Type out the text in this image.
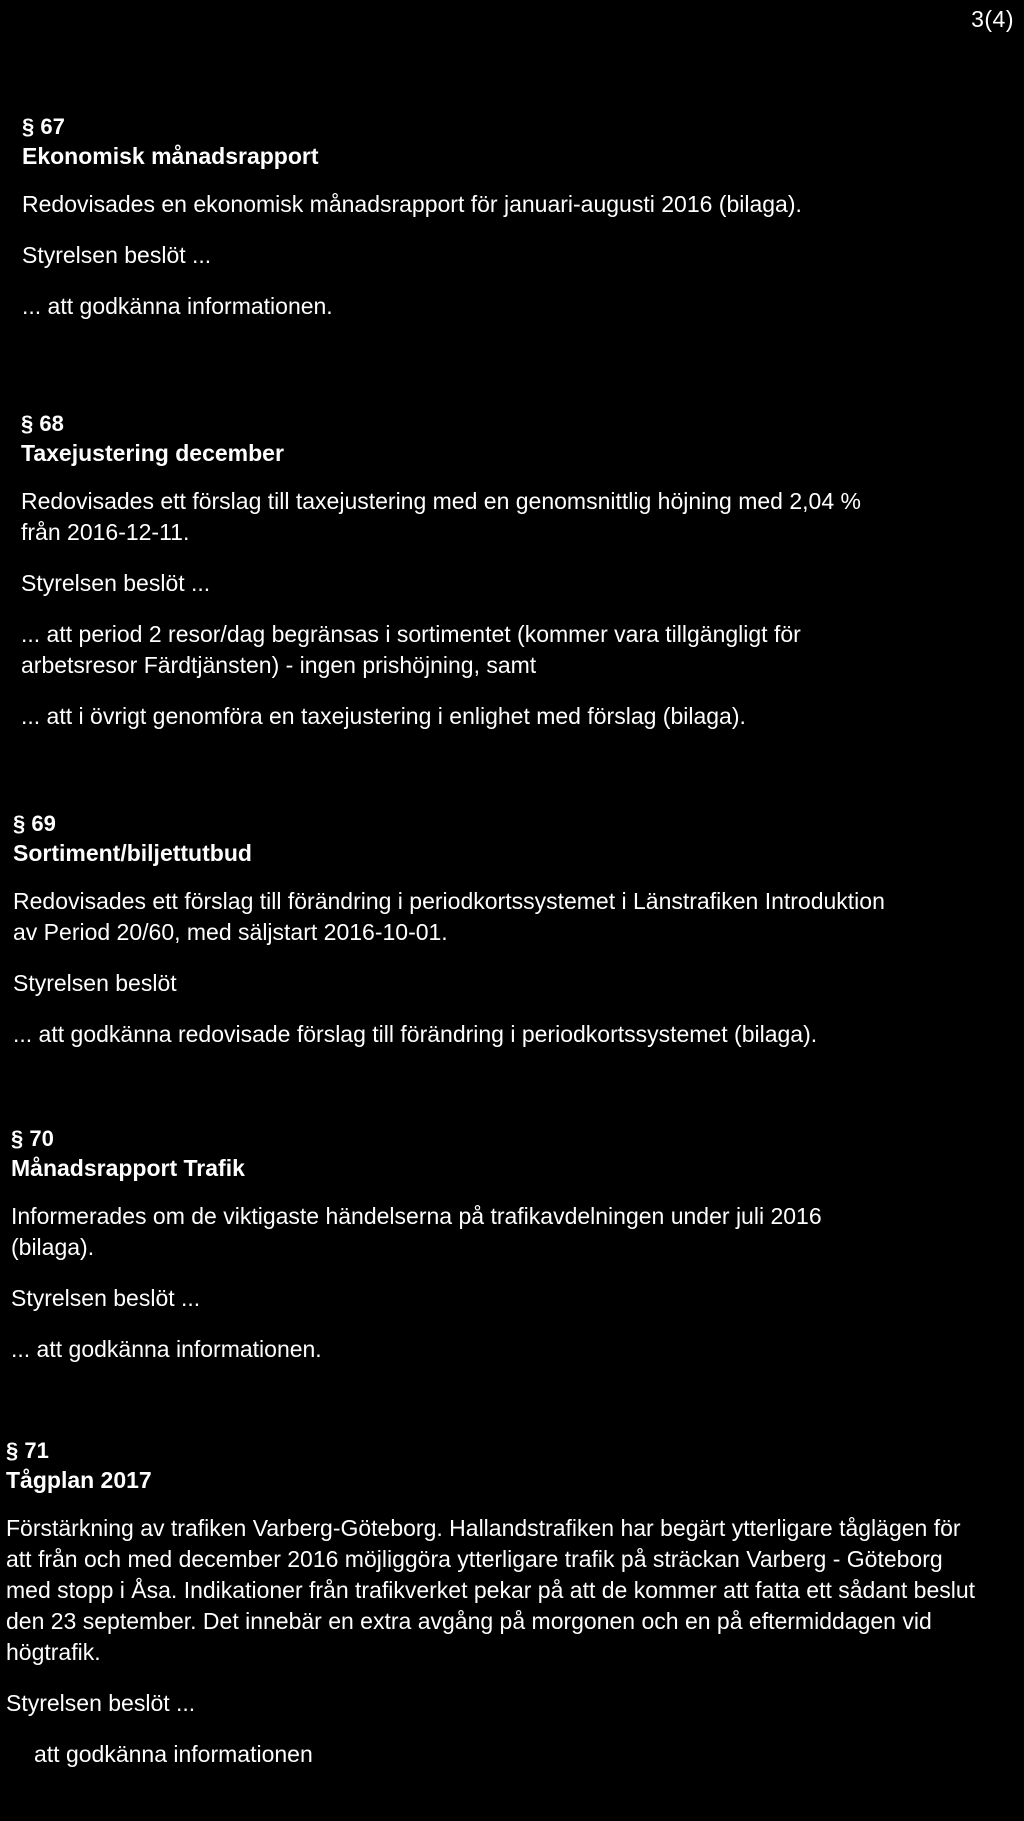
3(4)

§ 67

Ekonomisk månadsrapport

Redovisades en ekonomisk månadsrapport för januari-augusti 2016 (bilaga).

Styrelsen beslöt ...

... att godkänna informationen.

§ 68

Taxejustering december

Redovisades ett förslag till taxejustering med en genomsnittlig höjning med 2,04 % från 2016-12-11.

Styrelsen beslöt ...

... att period 2 resor/dag begränsas i sortimentet (kommer vara tillgängligt för arbetsresor Färdtjänsten) - ingen prishöjning, samt

... att i övrigt genomföra en taxejustering i enlighet med förslag (bilaga).

§ 69

Sortiment/biljettutbud

Redovisades ett förslag till förändring i periodkortssystemet i Länstrafiken Introduktion av Period 20/60, med säljstart 2016-10-01.

Styrelsen beslöt

... att godkänna redovisade förslag till förändring i periodkortssystemet (bilaga).

§ 70

Månadsrapport Trafik

Informerades om de viktigaste händelserna på trafikavdelningen under juli 2016 (bilaga).

Styrelsen beslöt ...

... att godkänna informationen.

§ 71

Tågplan 2017

Förstärkning av trafiken Varberg-Göteborg. Hallandstrafiken har begärt ytterligare tåglägen för att från och med december 2016 möjliggöra ytterligare trafik på sträckan Varberg - Göteborg med stopp i Åsa. Indikationer från trafikverket pekar på att de kommer att fatta ett sådant beslut den 23 september. Det innebär en extra avgång på morgonen och en på eftermiddagen vid högtrafik.

Styrelsen beslöt ...

att godkänna informationen
